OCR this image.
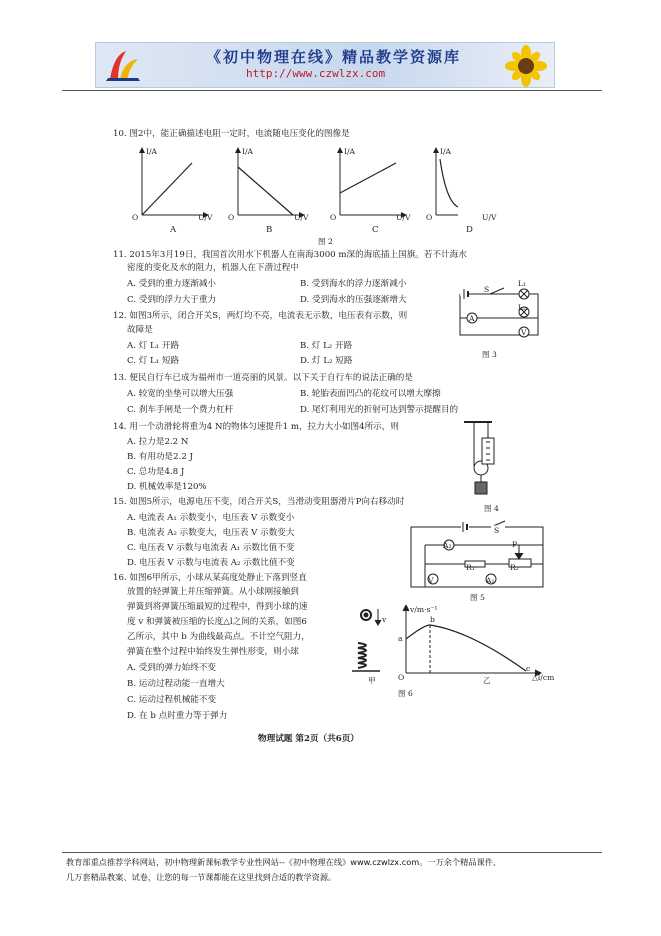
《初中物理在线》精品教学资源库
http://www.czwlzx.com
10. 图2中，能正确描述电阻一定时，电流随电压变化的图像是
I/A	I/A	I/A	I/A
U/V	U/V	U/V	U/V
O	O	O	O
A	B	C	D
图 2
11. 2015年3月19日，我国首次用水下机器人在南海3000 m深的海底插上国旗。若不计海水
密度的变化及水的阻力，机器人在下潜过程中
A. 受到的重力逐渐减小	B. 受到海水的浮力逐渐减小
C. 受到的浮力大于重力	D. 受到海水的压强逐渐增大
12. 如图3所示，闭合开关S，两灯均不亮，电流表无示数，电压表有示数，则
故障是
A. 灯 L₁ 开路	B. 灯 L₂ 开路
C. 灯 L₁ 短路	D. 灯 L₂ 短路
S
L₁
L₂
A
V
图 3
13. 便民自行车已成为福州市一道亮丽的风景。以下关于自行车的说法正确的是
A. 较宽的坐垫可以增大压强	B. 轮胎表面凹凸的花纹可以增大摩擦
C. 刹车手闸是一个费力杠杆	D. 尾灯利用光的折射可达到警示提醒目的
14. 用一个动滑轮将重为4 N的物体匀速提升1 m，拉力大小如图4所示，则
A. 拉力是2.2 N
B. 有用功是2.2 J
C. 总功是4.8 J
D. 机械效率是120%
图 4
15. 如图5所示，电源电压不变，闭合开关S，当滑动变阻器滑片P向右移动时
A. 电流表 A₁ 示数变小，电压表 V 示数变小
B. 电流表 A₂ 示数变大，电压表 V 示数变大
C. 电压表 V 示数与电流表 A₁ 示数比值不变
D. 电压表 V 示数与电流表 A₂ 示数比值不变
S
A₂
V	A₁
R₁	R₂
P
图 5
16. 如图6甲所示，小球从某高度处静止下落到竖直
放置的轻弹簧上并压缩弹簧。从小球刚接触到
弹簧到将弹簧压缩最短的过程中，得到小球的速
度 v 和弹簧被压缩的长度△l之间的关系，如图6
乙所示，其中 b 为曲线最高点。不计空气阻力，
弹簧在整个过程中始终发生弹性形变，则小球
A. 受到的弹力始终不变
B. 运动过程动能一直增大
C. 运动过程机械能不变
D. 在 b 点时重力等于弹力
v/m·s⁻¹
v
a
b
c
O	△l/cm
甲	乙
图 6
物理试题 第2页（共6页）
教育部重点推荐学科网站，初中物理新课标教学专业性网站--《初中物理在线》www.czwlzx.com。一万余个精品课件、
几万套精品教案、试卷，让您的每一节课都能在这里找到合适的教学资源。
